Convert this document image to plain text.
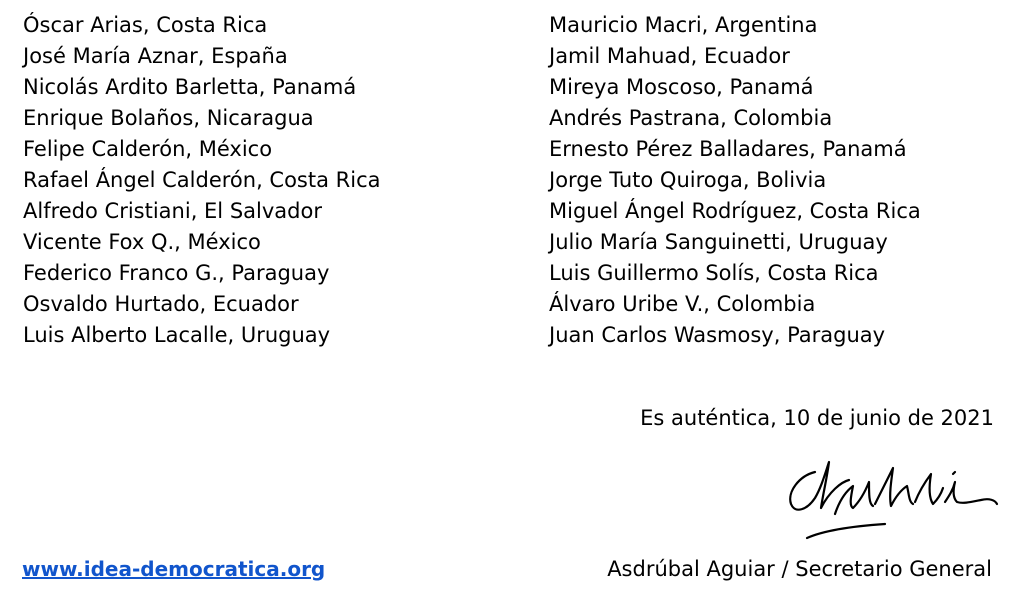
Óscar Arias, Costa Rica
José María Aznar, España
Nicolás Ardito Barletta, Panamá
Enrique Bolaños, Nicaragua
Felipe Calderón, México
Rafael Ángel Calderón, Costa Rica
Alfredo Cristiani, El Salvador
Vicente Fox Q., México
Federico Franco G., Paraguay
Osvaldo Hurtado, Ecuador
Luis Alberto Lacalle, Uruguay
Mauricio Macri, Argentina
Jamil Mahuad, Ecuador
Mireya Moscoso, Panamá
Andrés Pastrana, Colombia
Ernesto Pérez Balladares, Panamá
Jorge Tuto Quiroga, Bolivia
Miguel Ángel Rodríguez, Costa Rica
Julio María Sanguinetti, Uruguay
Luis Guillermo Solís, Costa Rica
Álvaro Uribe V., Colombia
Juan Carlos Wasmosy, Paraguay
Es auténtica, 10 de junio de 2021
www.idea-democratica.org	Asdrúbal Aguiar / Secretario General
